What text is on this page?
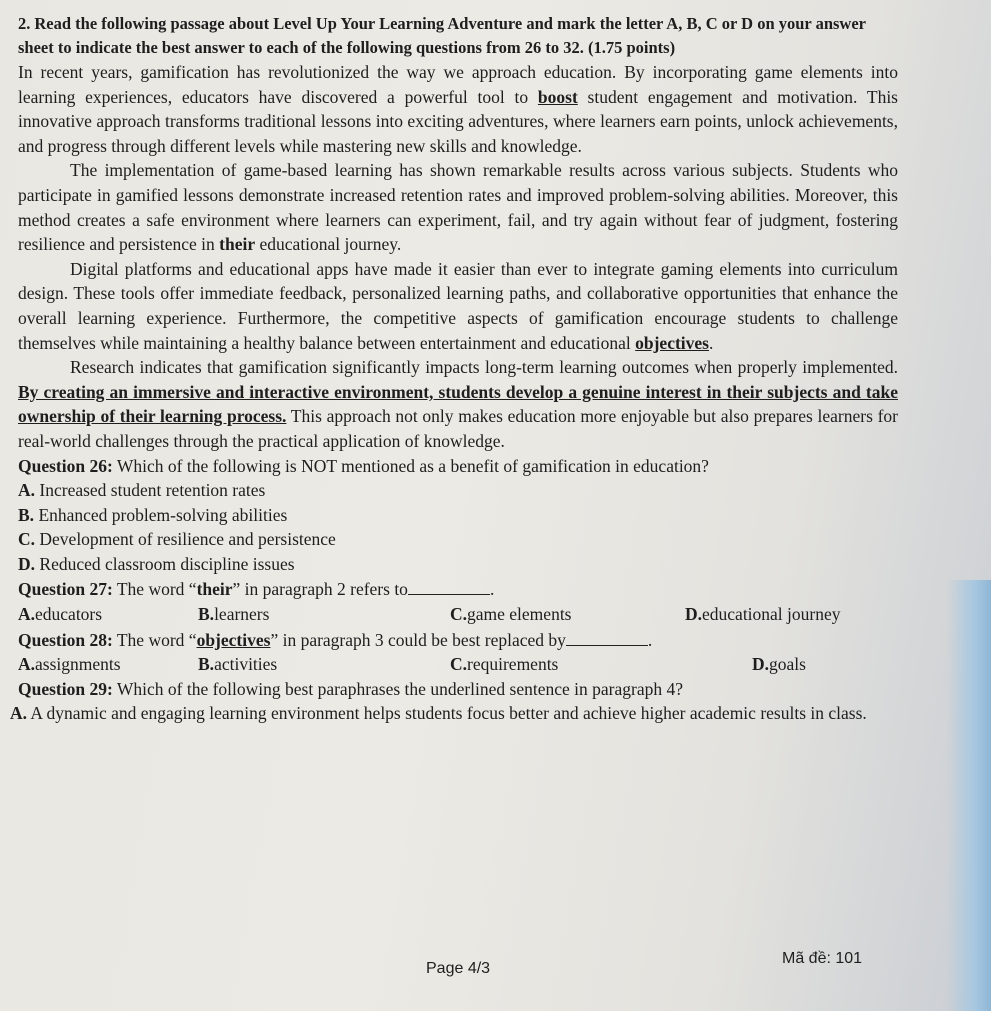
2. Read the following passage about Level Up Your Learning Adventure and mark the letter A, B, C or D on your answer sheet to indicate the best answer to each of the following questions from 26 to 32. (1.75 points)

In recent years, gamification has revolutionized the way we approach education. By incorporating game elements into learning experiences, educators have discovered a powerful tool to boost student engagement and motivation. This innovative approach transforms traditional lessons into exciting adventures, where learners earn points, unlock achievements, and progress through different levels while mastering new skills and knowledge.

The implementation of game-based learning has shown remarkable results across various subjects. Students who participate in gamified lessons demonstrate increased retention rates and improved problem-solving abilities. Moreover, this method creates a safe environment where learners can experiment, fail, and try again without fear of judgment, fostering resilience and persistence in their educational journey.

Digital platforms and educational apps have made it easier than ever to integrate gaming elements into curriculum design. These tools offer immediate feedback, personalized learning paths, and collaborative opportunities that enhance the overall learning experience. Furthermore, the competitive aspects of gamification encourage students to challenge themselves while maintaining a healthy balance between entertainment and educational objectives.

Research indicates that gamification significantly impacts long-term learning outcomes when properly implemented. By creating an immersive and interactive environment, students develop a genuine interest in their subjects and take ownership of their learning process. This approach not only makes education more enjoyable but also prepares learners for real-world challenges through the practical application of knowledge.

Question 26: Which of the following is NOT mentioned as a benefit of gamification in education?

A. Increased student retention rates
B. Enhanced problem-solving abilities
C. Development of resilience and persistence
D. Reduced classroom discipline issues

Question 27: The word “their” in paragraph 2 refers to	.

A.educators	B.learners	C.game elements	D.educational journey

Question 28: The word “objectives” in paragraph 3 could be best replaced by	.

A.assignments	B.activities	C.requirements	D.goals

Question 29: Which of the following best paraphrases the underlined sentence in paragraph 4?

A. A dynamic and engaging learning environment helps students focus better and achieve higher academic results in class.

Page 4/3
Mã đề: 101
